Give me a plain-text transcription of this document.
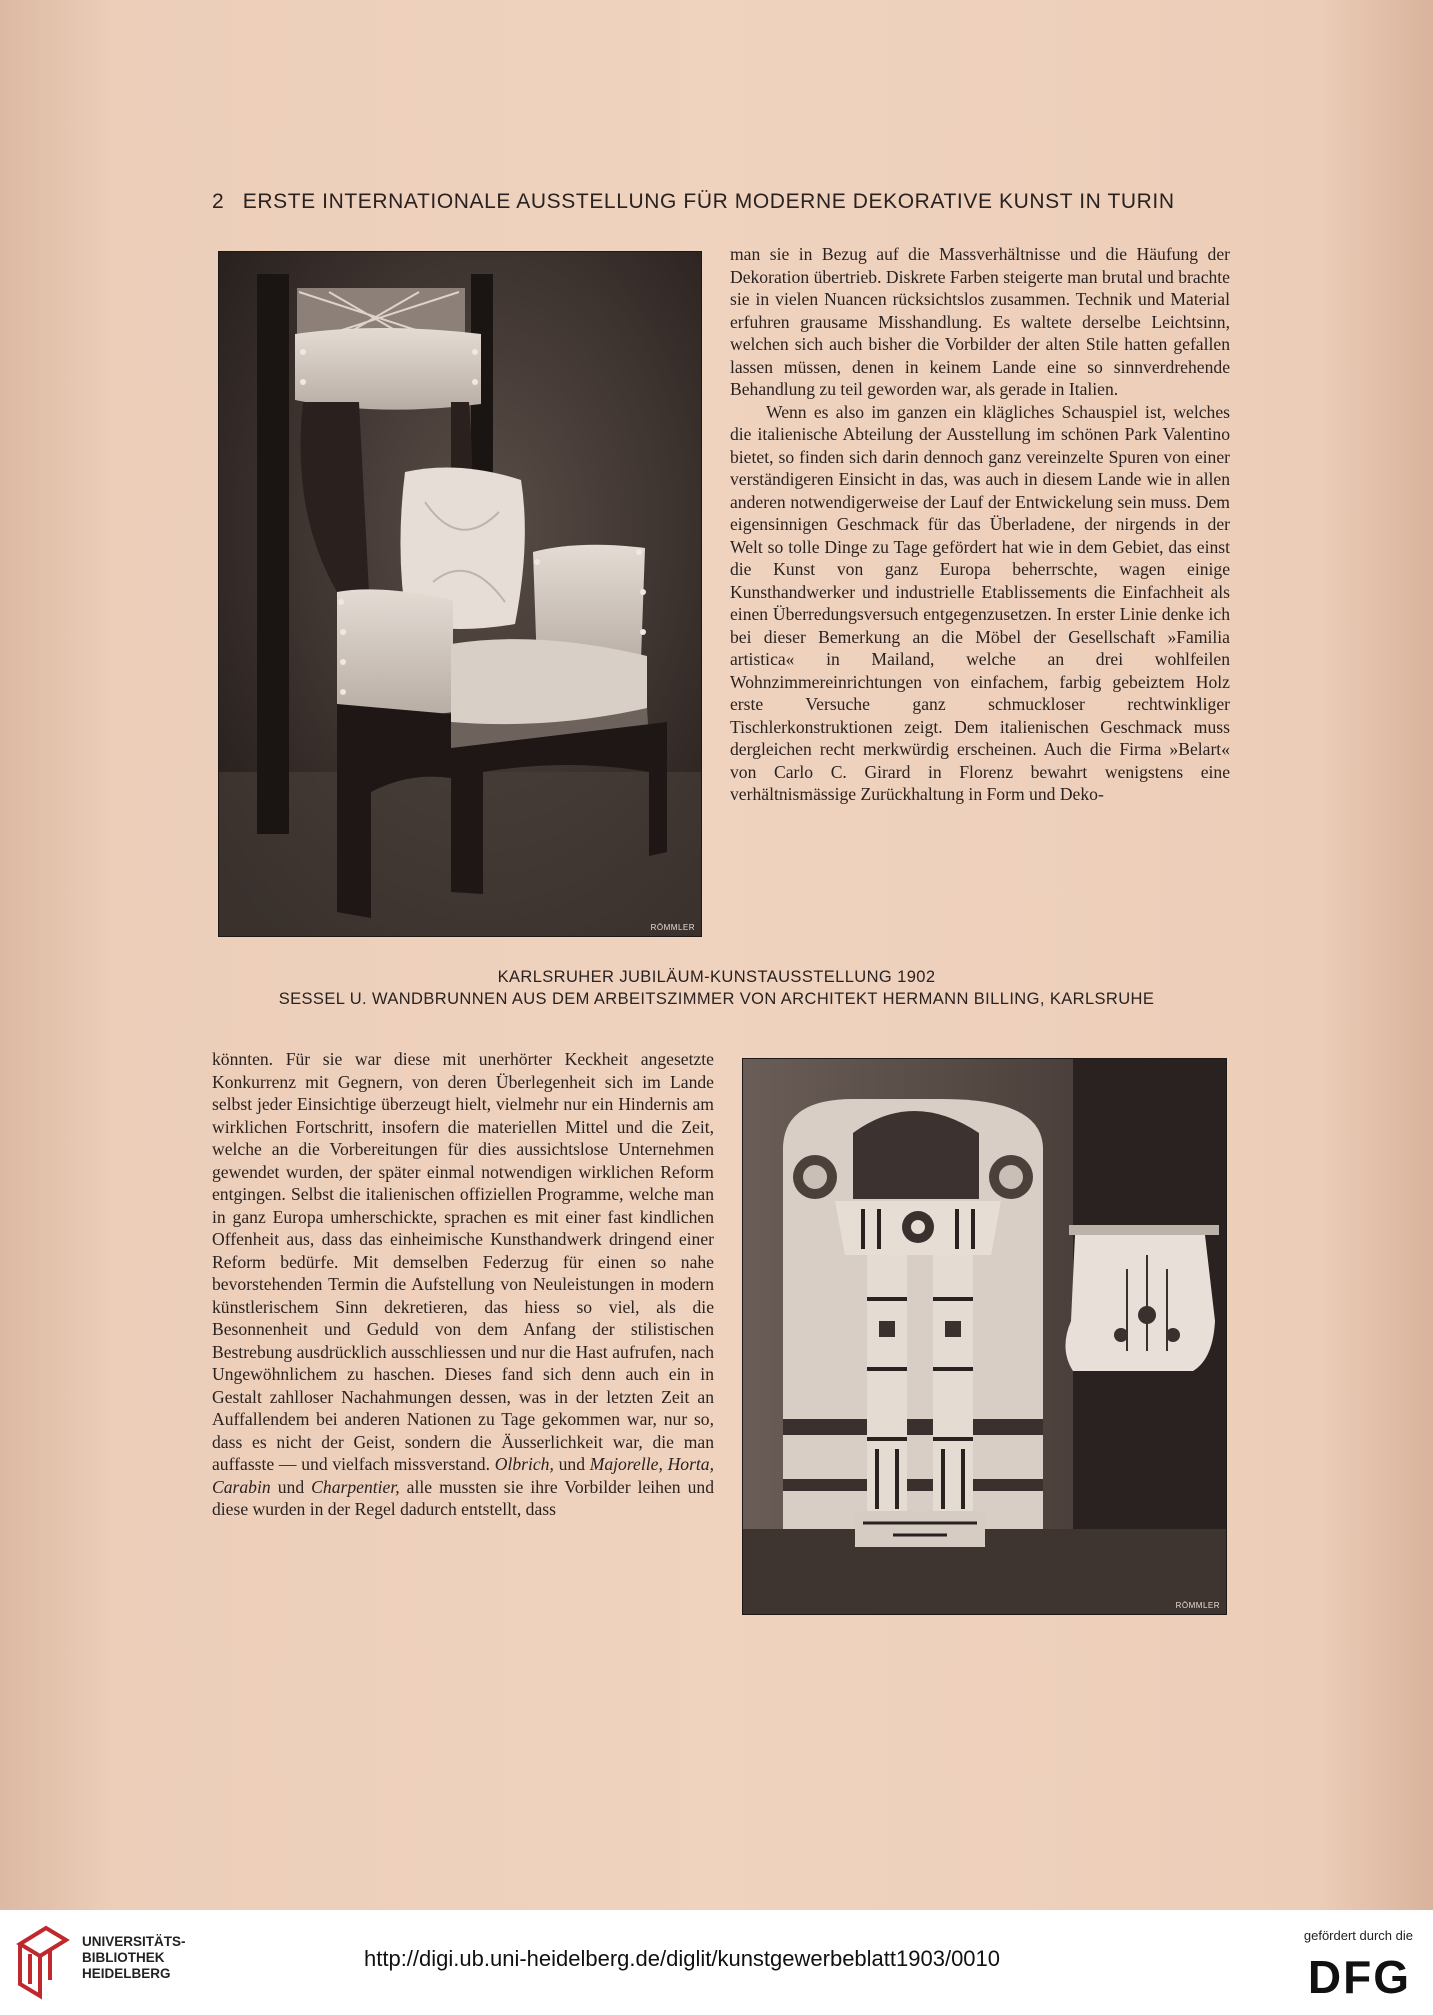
2 ERSTE INTERNATIONALE AUSSTELLUNG FÜR MODERNE DEKORATIVE KUNST IN TURIN
RÖMMLER

man sie in Bezug auf die Massverhältnisse und die Häufung der Dekoration übertrieb. Diskrete Farben steigerte man brutal und brachte sie in vielen Nuancen rücksichtslos zusammen. Technik und Material erfuhren grausame Misshandlung. Es waltete derselbe Leichtsinn, welchen sich auch bisher die Vorbilder der alten Stile hatten gefallen lassen müssen, denen in keinem Lande eine so sinnverdrehende Behandlung zu teil geworden war, als gerade in Italien.

Wenn es also im ganzen ein klägliches Schauspiel ist, welches die italienische Abteilung der Ausstellung im schönen Park Valentino bietet, so finden sich darin dennoch ganz vereinzelte Spuren von einer verständigeren Einsicht in das, was auch in diesem Lande wie in allen anderen notwendigerweise der Lauf der Entwickelung sein muss. Dem eigensinnigen Geschmack für das Überladene, der nirgends in der Welt so tolle Dinge zu Tage gefördert hat wie in dem Gebiet, das einst die Kunst von ganz Europa beherrschte, wagen einige Kunsthandwerker und industrielle Etablissements die Einfachheit als einen Überredungsversuch entgegenzusetzen. In erster Linie denke ich bei dieser Bemerkung an die Möbel der Gesellschaft »Familia artistica« in Mailand, welche an drei wohlfeilen Wohnzimmereinrichtungen von einfachem, farbig gebeiztem Holz erste Versuche ganz schmuckloser rechtwinkliger Tischlerkonstruktionen zeigt. Dem italienischen Geschmack muss dergleichen recht merkwürdig erscheinen. Auch die Firma »Belart« von Carlo C. Girard in Florenz bewahrt wenigstens eine verhältnismässige Zurückhaltung in Form und Deko-

KARLSRUHER JUBILÄUM-KUNSTAUSSTELLUNG 1902
SESSEL U. WANDBRUNNEN AUS DEM ARBEITSZIMMER VON ARCHITEKT HERMANN BILLING, KARLSRUHE

könnten. Für sie war diese mit unerhörter Keckheit angesetzte Konkurrenz mit Gegnern, von deren Überlegenheit sich im Lande selbst jeder Einsichtige überzeugt hielt, vielmehr nur ein Hindernis am wirklichen Fortschritt, insofern die materiellen Mittel und die Zeit, welche an die Vorbereitungen für dies aussichtslose Unternehmen gewendet wurden, der später einmal notwendigen wirklichen Reform entgingen. Selbst die italienischen offiziellen Programme, welche man in ganz Europa umherschickte, sprachen es mit einer fast kindlichen Offenheit aus, dass das einheimische Kunsthandwerk dringend einer Reform bedürfe. Mit demselben Federzug für einen so nahe bevorstehenden Termin die Aufstellung von Neuleistungen in modern künstlerischem Sinn dekretieren, das hiess so viel, als die Besonnenheit und Geduld von dem Anfang der stilistischen Bestrebung ausdrücklich ausschliessen und nur die Hast aufrufen, nach Ungewöhnlichem zu haschen. Dieses fand sich denn auch ein in Gestalt zahlloser Nachahmungen dessen, was in der letzten Zeit an Auffallendem bei anderen Nationen zu Tage gekommen war, nur so, dass es nicht der Geist, sondern die Äusserlichkeit war, die man auffasste — und vielfach missverstand. Olbrich, und Majorelle, Horta, Carabin und Charpentier, alle mussten sie ihre Vorbilder leihen und diese wurden in der Regel dadurch entstellt, dass

RÖMMLER
UNIVERSITÄTS-
BIBLIOTHEK
HEIDELBERG
http://digi.ub.uni-heidelberg.de/diglit/kunstgewerbeblatt1903/0010
gefördert durch die
DFG
